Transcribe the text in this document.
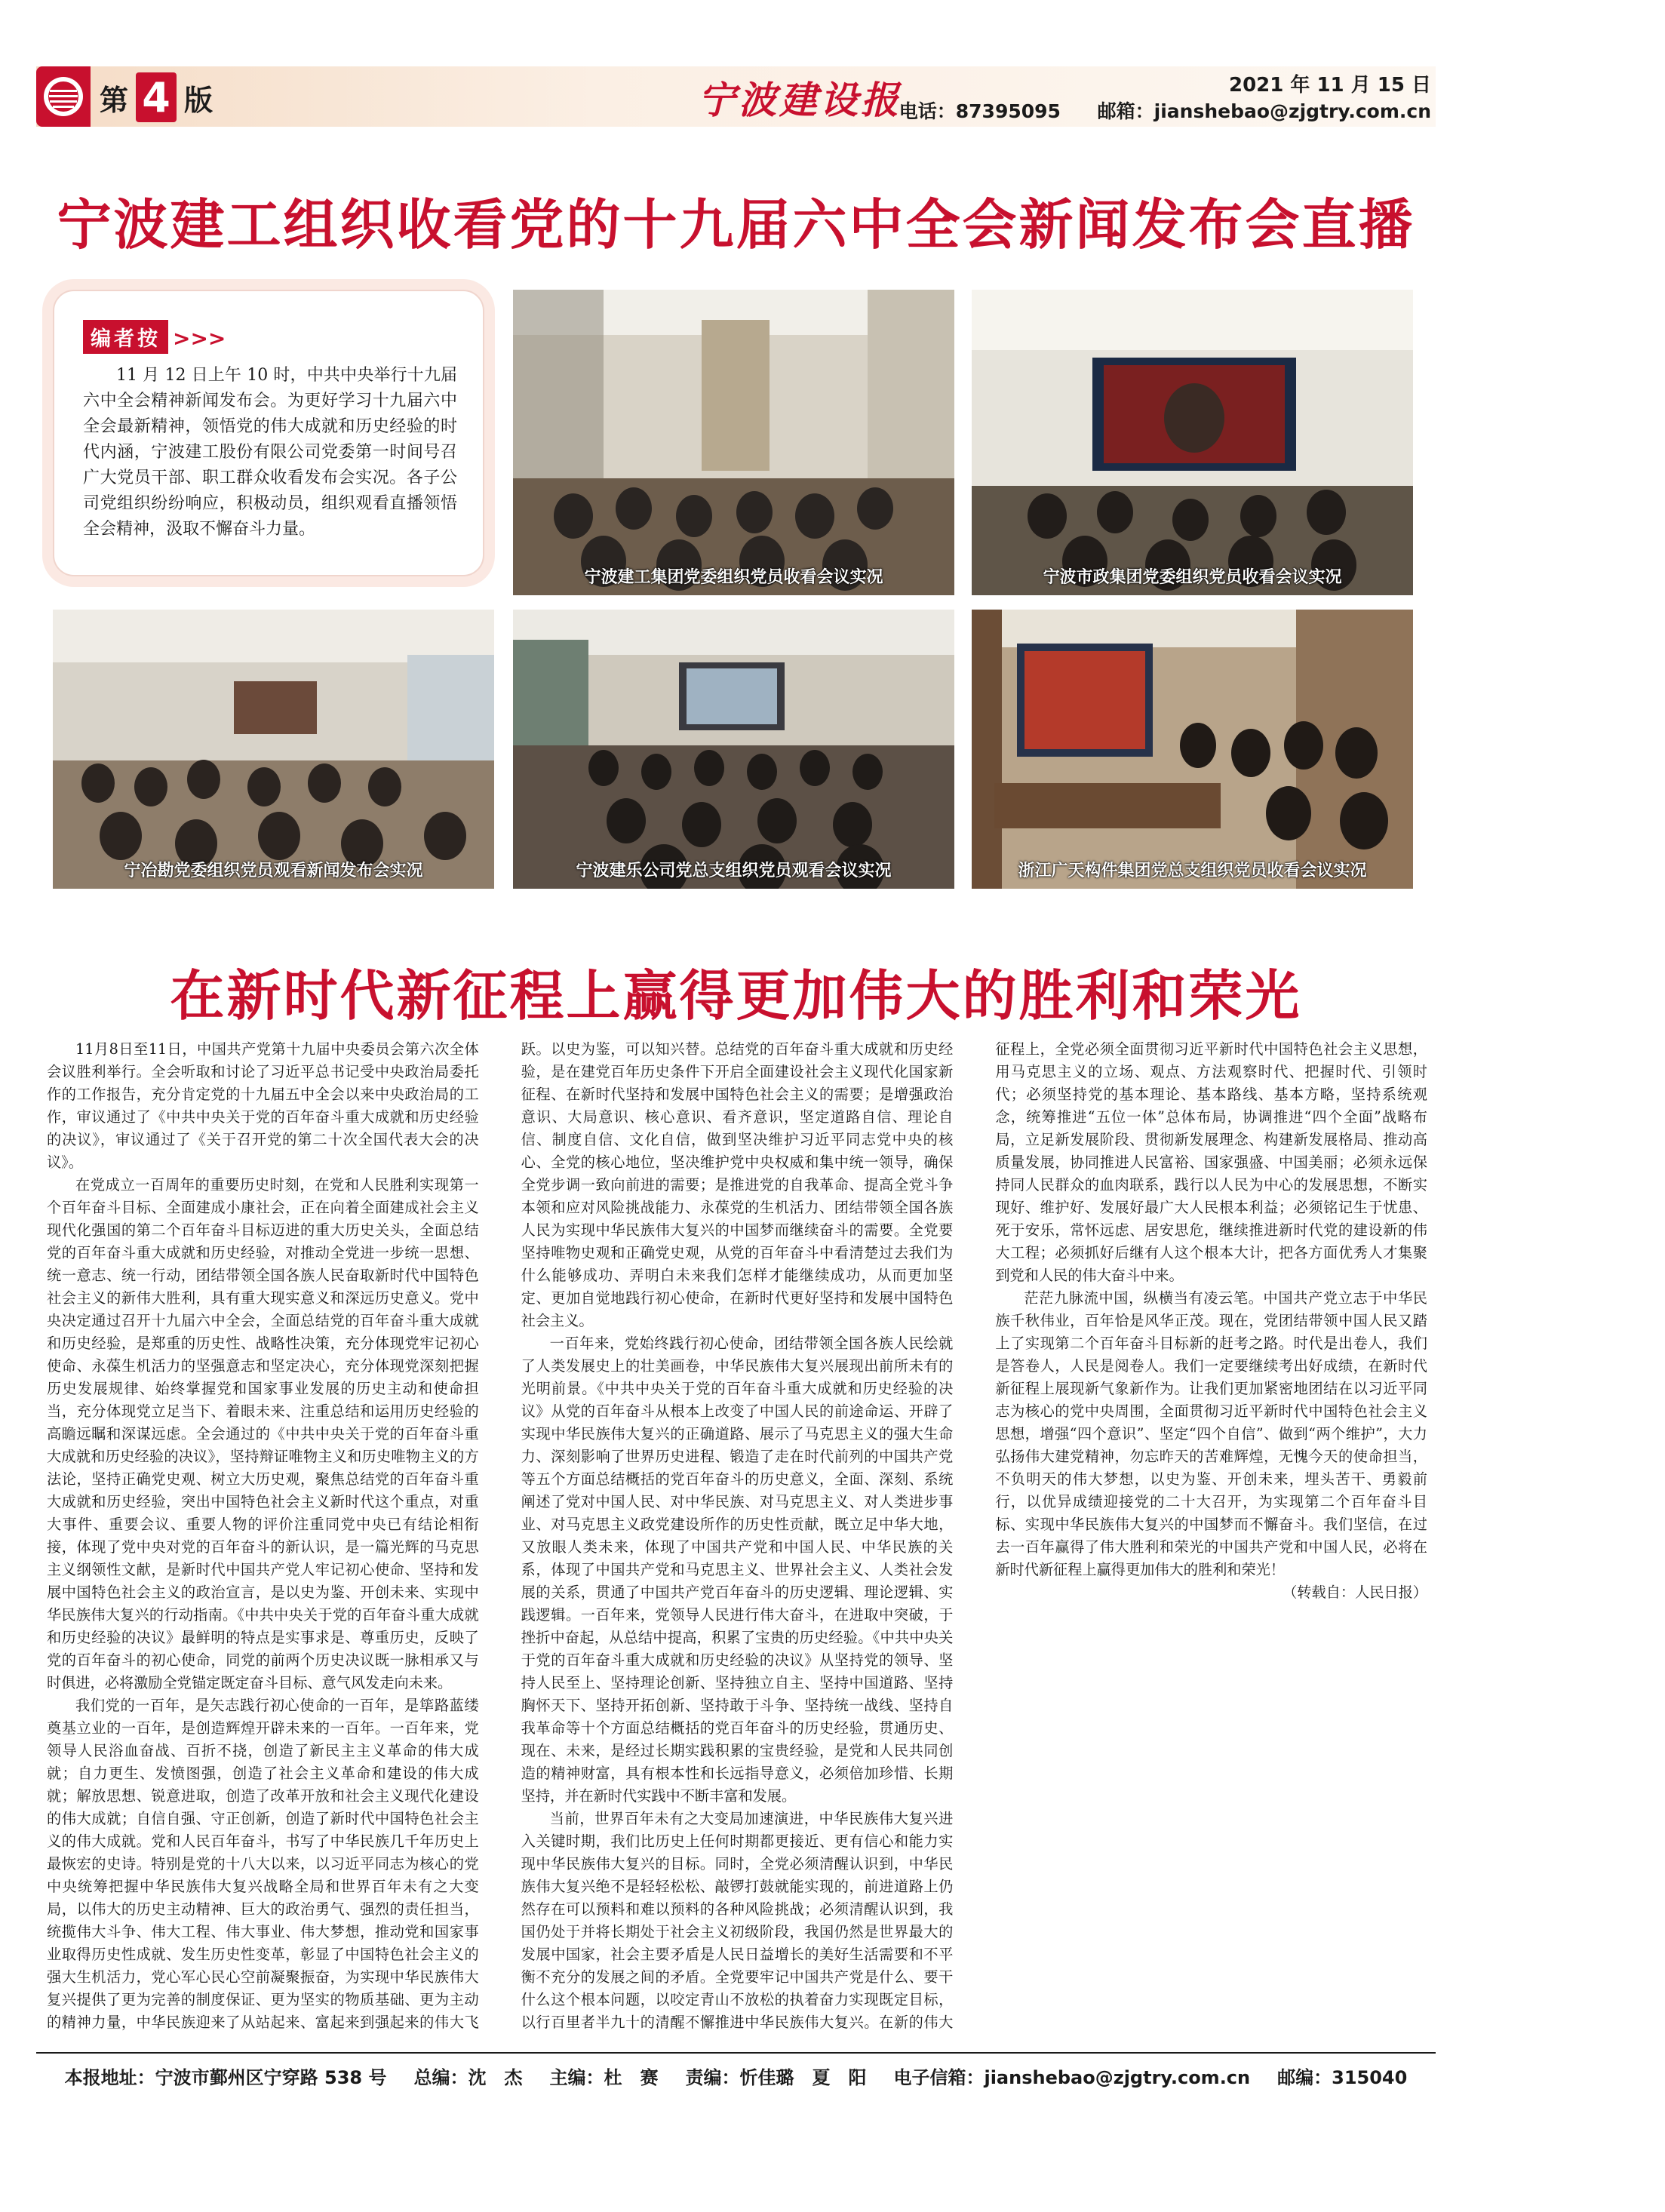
第 4 版	宁波建设报	2021 年 11 月 15 日
电话：87395095 邮箱：jianshebao@zjgtry.com.cn
宁波建工组织收看党的十九届六中全会新闻发布会直播
编者按 >>>
11 月 12 日上午 10 时，中共中央举行十九届六中全会精神新闻发布会。为更好学习十九届六中全会最新精神，领悟党的伟大成就和历史经验的时代内涵，宁波建工股份有限公司党委第一时间号召广大党员干部、职工群众收看发布会实况。各子公司党组织纷纷响应，积极动员，组织观看直播领悟全会精神，汲取不懈奋斗力量。
宁波建工集团党委组织党员收看会议实况	宁波市政集团党委组织党员收看会议实况
宁冶勘党委组织党员观看新闻发布会实况	宁波建乐公司党总支组织党员观看会议实况	浙江广天构件集团党总支组织党员收看会议实况
在新时代新征程上赢得更加伟大的胜利和荣光

11月8日至11日，中国共产党第十九届中央委员会第六次全体会议胜利举行。全会听取和讨论了习近平总书记受中央政治局委托作的工作报告，充分肯定党的十九届五中全会以来中央政治局的工作，审议通过了《中共中央关于党的百年奋斗重大成就和历史经验的决议》，审议通过了《关于召开党的第二十次全国代表大会的决议》。

在党成立一百周年的重要历史时刻，在党和人民胜利实现第一个百年奋斗目标、全面建成小康社会，正在向着全面建成社会主义现代化强国的第二个百年奋斗目标迈进的重大历史关头，全面总结党的百年奋斗重大成就和历史经验，对推动全党进一步统一思想、统一意志、统一行动，团结带领全国各族人民奋取新时代中国特色社会主义的新伟大胜利，具有重大现实意义和深远历史意义。党中央决定通过召开十九届六中全会，全面总结党的百年奋斗重大成就和历史经验，是郑重的历史性、战略性决策，充分体现党牢记初心使命、永葆生机活力的坚强意志和坚定决心，充分体现党深刻把握历史发展规律、始终掌握党和国家事业发展的历史主动和使命担当，充分体现党立足当下、着眼未来、注重总结和运用历史经验的高瞻远瞩和深谋远虑。全会通过的《中共中央关于党的百年奋斗重大成就和历史经验的决议》，坚持辩证唯物主义和历史唯物主义的方法论，坚持正确党史观、树立大历史观，聚焦总结党的百年奋斗重大成就和历史经验，突出中国特色社会主义新时代这个重点，对重大事件、重要会议、重要人物的评价注重同党中央已有结论相衔接，体现了党中央对党的百年奋斗的新认识，是一篇光辉的马克思主义纲领性文献，是新时代中国共产党人牢记初心使命、坚持和发展中国特色社会主义的政治宣言，是以史为鉴、开创未来、实现中华民族伟大复兴的行动指南。《中共中央关于党的百年奋斗重大成就和历史经验的决议》最鲜明的特点是实事求是、尊重历史，反映了党的百年奋斗的初心使命，同党的前两个历史决议既一脉相承又与时俱进，必将激励全党锚定既定奋斗目标、意气风发走向未来。

我们党的一百年，是矢志践行初心使命的一百年，是筚路蓝缕奠基立业的一百年，是创造辉煌开辟未来的一百年。一百年来，党领导人民浴血奋战、百折不挠，创造了新民主主义革命的伟大成就；自力更生、发愤图强，创造了社会主义革命和建设的伟大成就；解放思想、锐意进取，创造了改革开放和社会主义现代化建设的伟大成就；自信自强、守正创新，创造了新时代中国特色社会主义的伟大成就。党和人民百年奋斗，书写了中华民族几千年历史上最恢宏的史诗。特别是党的十八大以来，以习近平同志为核心的党中央统筹把握中华民族伟大复兴战略全局和世界百年未有之大变局，以伟大的历史主动精神、巨大的政治勇气、强烈的责任担当，统揽伟大斗争、伟大工程、伟大事业、伟大梦想，推动党和国家事业取得历史性成就、发生历史性变革，彰显了中国特色社会主义的强大生机活力，党心军心民心空前凝聚振奋，为实现中华民族伟大复兴提供了更为完善的制度保证、更为坚实的物质基础、更为主动的精神力量，中华民族迎来了从站起来、富起来到强起来的伟大飞跃。以史为鉴，可以知兴替。总结党的百年奋斗重大成就和历史经验，是在建党百年历史条件下开启全面建设社会主义现代化国家新征程、在新时代坚持和发展中国特色社会主义的需要；是增强政治意识、大局意识、核心意识、看齐意识，坚定道路自信、理论自信、制度自信、文化自信，做到坚决维护习近平同志党中央的核心、全党的核心地位，坚决维护党中央权威和集中统一领导，确保全党步调一致向前进的需要；是推进党的自我革命、提高全党斗争本领和应对风险挑战能力、永葆党的生机活力、团结带领全国各族人民为实现中华民族伟大复兴的中国梦而继续奋斗的需要。全党要坚持唯物史观和正确党史观，从党的百年奋斗中看清楚过去我们为什么能够成功、弄明白未来我们怎样才能继续成功，从而更加坚定、更加自觉地践行初心使命，在新时代更好坚持和发展中国特色社会主义。

一百年来，党始终践行初心使命，团结带领全国各族人民绘就了人类发展史上的壮美画卷，中华民族伟大复兴展现出前所未有的光明前景。《中共中央关于党的百年奋斗重大成就和历史经验的决议》从党的百年奋斗从根本上改变了中国人民的前途命运、开辟了实现中华民族伟大复兴的正确道路、展示了马克思主义的强大生命力、深刻影响了世界历史进程、锻造了走在时代前列的中国共产党等五个方面总结概括的党百年奋斗的历史意义，全面、深刻、系统阐述了党对中国人民、对中华民族、对马克思主义、对人类进步事业、对马克思主义政党建设所作的历史性贡献，既立足中华大地，又放眼人类未来，体现了中国共产党和中国人民、中华民族的关系，体现了中国共产党和马克思主义、世界社会主义、人类社会发展的关系，贯通了中国共产党百年奋斗的历史逻辑、理论逻辑、实践逻辑。一百年来，党领导人民进行伟大奋斗，在进取中突破，于挫折中奋起，从总结中提高，积累了宝贵的历史经验。《中共中央关于党的百年奋斗重大成就和历史经验的决议》从坚持党的领导、坚持人民至上、坚持理论创新、坚持独立自主、坚持中国道路、坚持胸怀天下、坚持开拓创新、坚持敢于斗争、坚持统一战线、坚持自我革命等十个方面总结概括的党百年奋斗的历史经验，贯通历史、现在、未来，是经过长期实践积累的宝贵经验，是党和人民共同创造的精神财富，具有根本性和长远指导意义，必须倍加珍惜、长期坚持，并在新时代实践中不断丰富和发展。

当前，世界百年未有之大变局加速演进，中华民族伟大复兴进入关键时期，我们比历史上任何时期都更接近、更有信心和能力实现中华民族伟大复兴的目标。同时，全党必须清醒认识到，中华民族伟大复兴绝不是轻轻松松、敲锣打鼓就能实现的，前进道路上仍然存在可以预料和难以预料的各种风险挑战；必须清醒认识到，我国仍处于并将长期处于社会主义初级阶段，我国仍然是世界最大的发展中国家，社会主要矛盾是人民日益增长的美好生活需要和不平衡不充分的发展之间的矛盾。全党要牢记中国共产党是什么、要干什么这个根本问题，以咬定青山不放松的执着奋力实现既定目标，以行百里者半九十的清醒不懈推进中华民族伟大复兴。在新的伟大征程上，全党必须全面贯彻习近平新时代中国特色社会主义思想，用马克思主义的立场、观点、方法观察时代、把握时代、引领时代；必须坚持党的基本理论、基本路线、基本方略，坚持系统观念，统筹推进“五位一体”总体布局，协调推进“四个全面”战略布局，立足新发展阶段、贯彻新发展理念、构建新发展格局、推动高质量发展，协同推进人民富裕、国家强盛、中国美丽；必须永远保持同人民群众的血肉联系，践行以人民为中心的发展思想，不断实现好、维护好、发展好最广大人民根本利益；必须铭记生于忧患、死于安乐，常怀远虑、居安思危，继续推进新时代党的建设新的伟大工程；必须抓好后继有人这个根本大计，把各方面优秀人才集聚到党和人民的伟大奋斗中来。

茫茫九脉流中国，纵横当有凌云笔。中国共产党立志于中华民族千秋伟业，百年恰是风华正茂。现在，党团结带领中国人民又踏上了实现第二个百年奋斗目标新的赶考之路。时代是出卷人，我们是答卷人，人民是阅卷人。我们一定要继续考出好成绩，在新时代新征程上展现新气象新作为。让我们更加紧密地团结在以习近平同志为核心的党中央周围，全面贯彻习近平新时代中国特色社会主义思想，增强“四个意识”、坚定“四个自信”、做到“两个维护”，大力弘扬伟大建党精神，勿忘昨天的苦难辉煌，无愧今天的使命担当，不负明天的伟大梦想，以史为鉴、开创未来，埋头苦干、勇毅前行，以优异成绩迎接党的二十大召开，为实现第二个百年奋斗目标、实现中华民族伟大复兴的中国梦而不懈奋斗。我们坚信，在过去一百年赢得了伟大胜利和荣光的中国共产党和中国人民，必将在新时代新征程上赢得更加伟大的胜利和荣光！

（转载自：人民日报）
本报地址：宁波市鄞州区宁穿路 538 号 总编：沈　杰 主编：杜　赛 责编：忻佳璐　夏　阳 电子信箱：jianshebao@zjgtry.com.cn 邮编：315040
